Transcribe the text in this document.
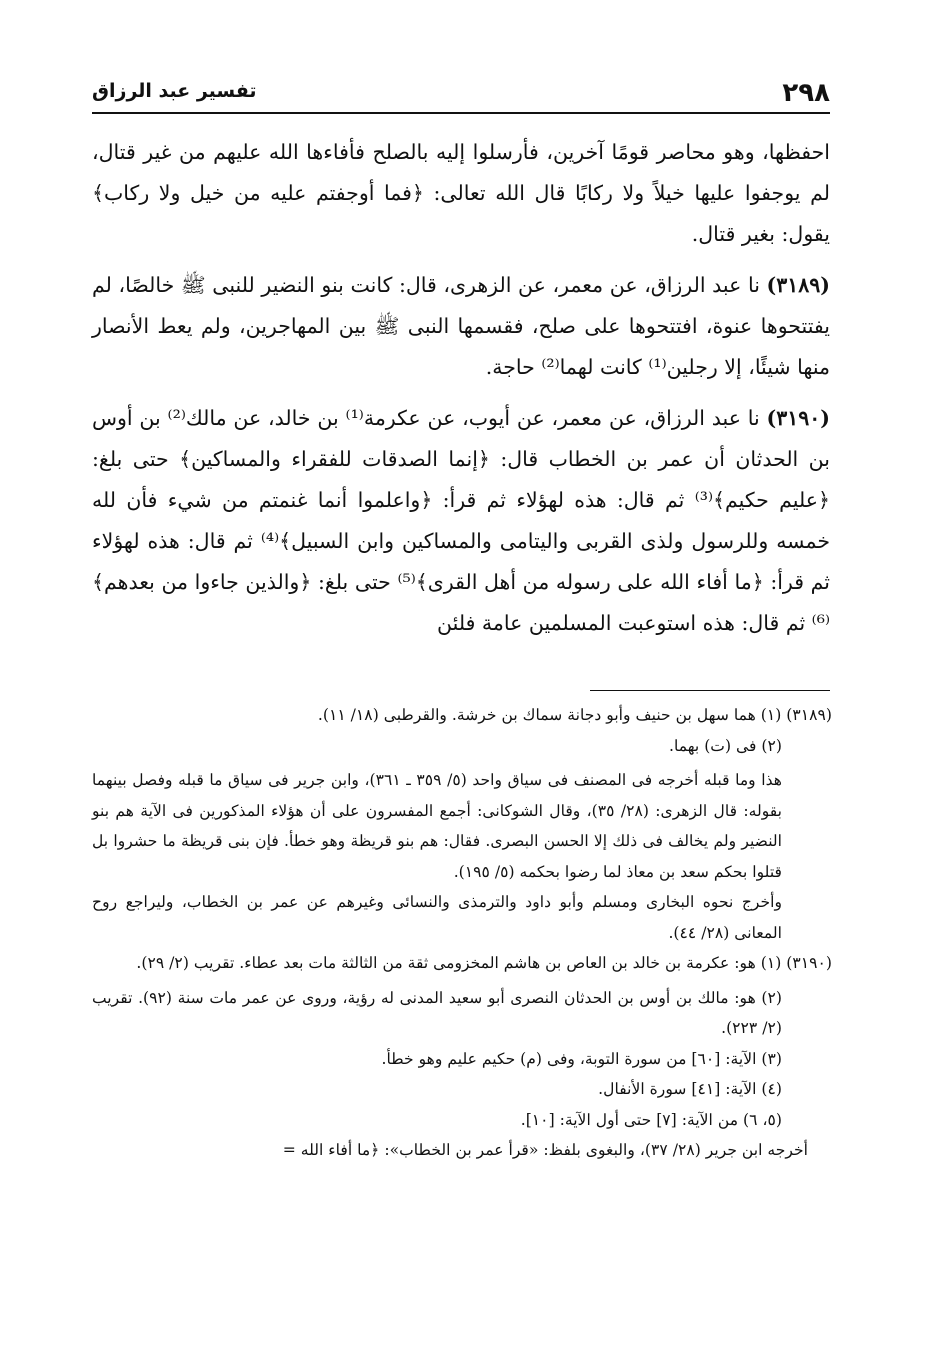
٢٩٨
تفسير عبد الرزاق

احفظها، وهو محاصر قومًا آخرين، فأرسلوا إليه بالصلح فأفاءها الله عليهم من غير قتال، لم يوجفوا عليها خيلاً ولا ركابًا قال الله تعالى: ﴿فما أوجفتم عليه من خيل ولا ركاب﴾ يقول: بغير قتال.

(٣١٨٩) نا عبد الرزاق، عن معمر، عن الزهرى، قال: كانت بنو النضير للنبى ﷺ خالصًا، لم يفتتحوها عنوة، افتتحوها على صلح، فقسمها النبى ﷺ بين المهاجرين، ولم يعط الأنصار منها شيئًا، إلا رجلين⁽¹⁾ كانت لهما⁽²⁾ حاجة.

(٣١٩٠) نا عبد الرزاق، عن معمر، عن أيوب، عن عكرمة⁽¹⁾ بن خالد، عن مالك⁽²⁾ بن أوس بن الحدثان أن عمر بن الخطاب قال: ﴿إنما الصدقات للفقراء والمساكين﴾ حتى بلغ: ﴿عليم حكيم﴾⁽³⁾ ثم قال: هذه لهؤلاء ثم قرأ: ﴿واعلموا أنما غنمتم من شيء فأن لله خمسه وللرسول ولذى القربى واليتامى والمساكين وابن السبيل﴾⁽⁴⁾ ثم قال: هذه لهؤلاء ثم قرأ: ﴿ما أفاء الله على رسوله من أهل القرى﴾⁽⁵⁾ حتى بلغ: ﴿والذين جاءوا من بعدهم﴾⁽⁶⁾ ثم قال: هذه استوعبت المسلمين عامة فلئن

(٣١٨٩) (١) هما سهل بن حنيف وأبو دجانة سماك بن خرشة. والقرطبى (١٨/ ١١).

(٢) فى (ت) بهما.

هذا وما قبله أخرجه فى المصنف فى سياق واحد (٥/ ٣٥٩ ـ ٣٦١)، وابن جرير فى سياق ما قبله وفصل بينهما بقوله: قال الزهرى: (٢٨/ ٣٥)، وقال الشوكانى: أجمع المفسرون على أن هؤلاء المذكورين فى الآية هم بنو النضير ولم يخالف فى ذلك إلا الحسن البصرى. فقال: هم بنو قريظة وهو خطأ. فإن بنى قريظة ما حشروا بل قتلوا بحكم سعد بن معاذ لما رضوا بحكمه (٥/ ١٩٥).

وأخرج نحوه البخارى ومسلم وأبو داود والترمذى والنسائى وغيرهم عن عمر بن الخطاب، وليراجع روح المعانى (٢٨/ ٤٤).

(٣١٩٠) (١) هو: عكرمة بن خالد بن العاص بن هاشم المخزومى ثقة من الثالثة مات بعد عطاء. تقريب (٢/ ٢٩).

(٢) هو: مالك بن أوس بن الحدثان النصرى أبو سعيد المدنى له رؤية، وروى عن عمر مات سنة (٩٢). تقريب (٢/ ٢٢٣).

(٣) الآية: [٦٠] من سورة التوبة، وفى (م) حكيم عليم وهو خطأ.

(٤) الآية: [٤١] سورة الأنفال.

(٥، ٦) من الآية: [٧] حتى أول الآية: [١٠].

أخرجه ابن جرير (٢٨/ ٣٧)، والبغوى بلفظ: «قرأ عمر بن الخطاب»: ﴿ما أفاء الله =
